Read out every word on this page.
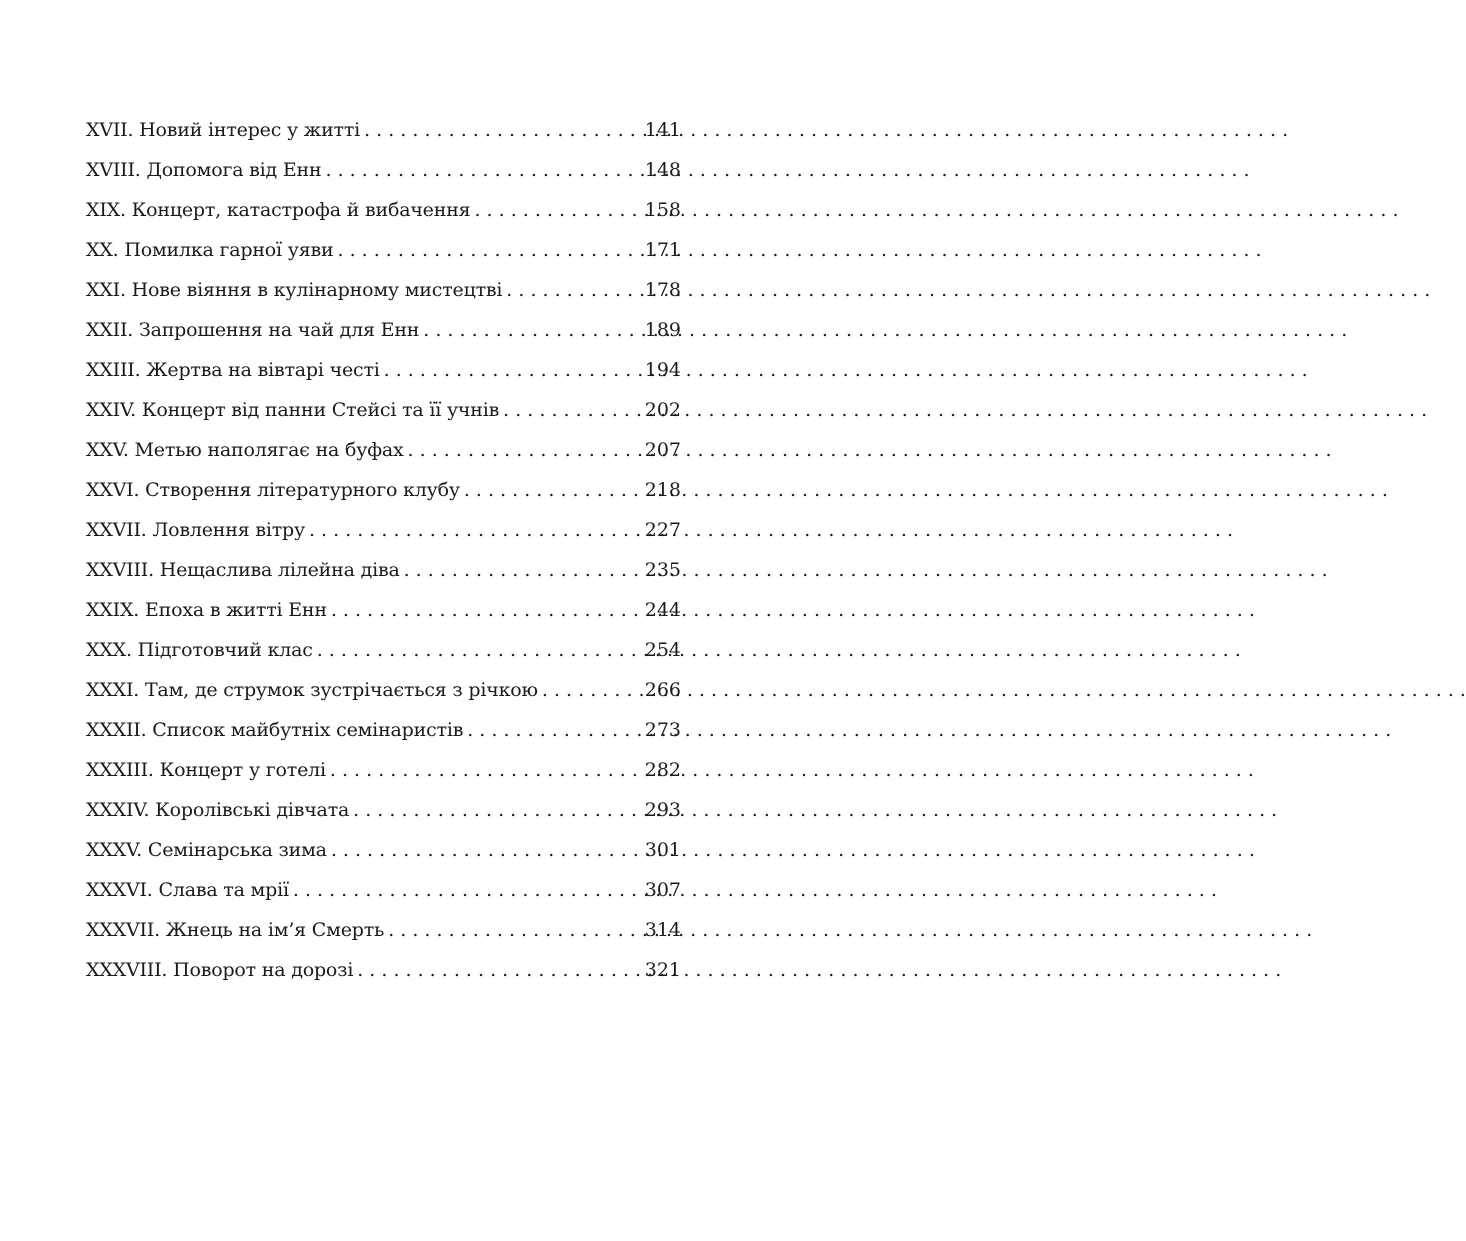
XVII. Новий інтерес у житті . . .	141
XVIII. Допомога від Енн . . .	148
XIX. Концерт, катастрофа й вибачення . . .	158
XX. Помилка гарної уяви . . .	171
XXI. Нове віяння в кулінарному мистецтві . . .	178
XXII. Запрошення на чай для Енн . . .	189
XXIII. Жертва на вівтарі честі . . .	194
XXIV. Концерт від панни Стейсі та її учнів . . .	202
XXV. Метью наполягає на буфах . . .	207
XXVI. Створення літературного клубу . . .	218
XXVII. Ловлення вітру . . .	227
XXVIII. Нещаслива лілейна діва . . .	235
XXIX. Епоха в житті Енн . . .	244
XXX. Підготовчий клас . . .	254
XXXI. Там, де струмок зустрічається з річкою . . .	266
XXXII. Список майбутніх семінаристів . . .	273
XXXIII. Концерт у готелі . . .	282
XXXIV. Королівські дівчата . . .	293
XXXV. Семінарська зима . . .	301
XXXVI. Слава та мрії . . .	307
XXXVII. Жнець на ім’я Смерть . . .	314
XXXVIII. Поворот на дорозі . . .	321
